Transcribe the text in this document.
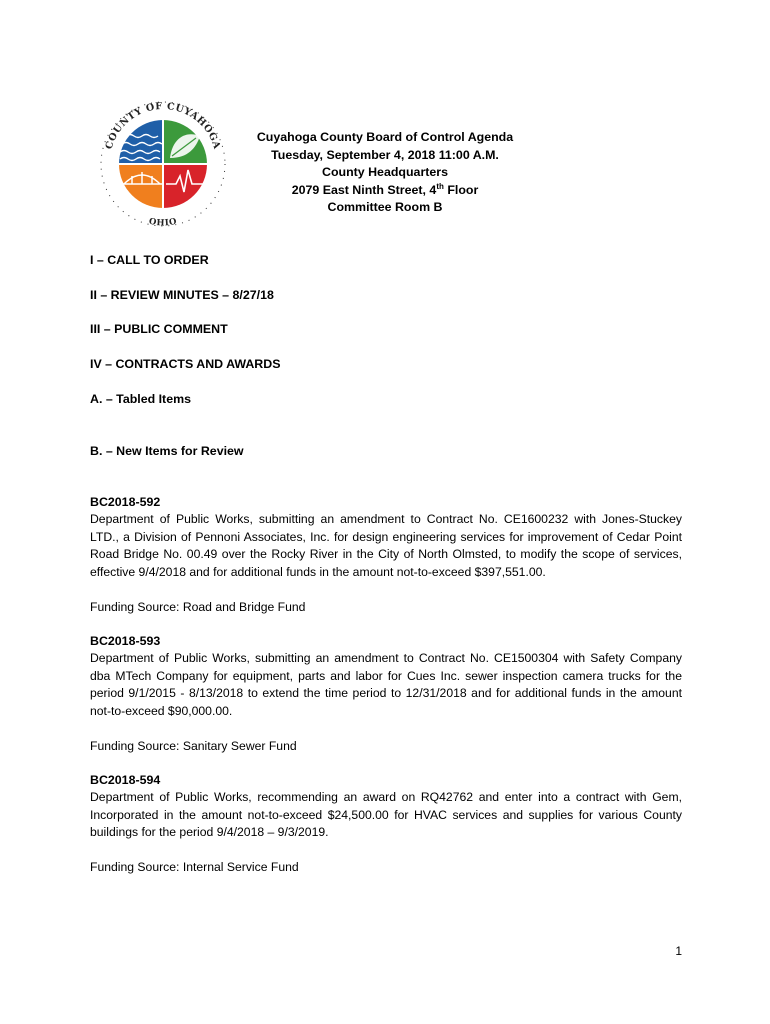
COUNTY OF CUYAHOGA
OHIO
Cuyahoga County Board of Control Agenda
Tuesday, September 4, 2018 11:00 A.M.
County Headquarters
2079 East Ninth Street, 4th Floor
Committee Room B
I – CALL TO ORDER
II – REVIEW MINUTES – 8/27/18
III – PUBLIC COMMENT
IV – CONTRACTS AND AWARDS
A. – Tabled Items
B. – New Items for Review
BC2018-592
Department of Public Works, submitting an amendment to Contract No. CE1600232 with Jones-Stuckey LTD., a Division of Pennoni Associates, Inc. for design engineering services for improvement of Cedar Point Road Bridge No. 00.49 over the Rocky River in the City of North Olmsted, to modify the scope of services, effective 9/4/2018 and for additional funds in the amount not-to-exceed $397,551.00.
Funding Source: Road and Bridge Fund
BC2018-593
Department of Public Works, submitting an amendment to Contract No. CE1500304 with Safety Company dba MTech Company for equipment, parts and labor for Cues Inc. sewer inspection camera trucks for the period 9/1/2015 - 8/13/2018 to extend the time period to 12/31/2018 and for additional funds in the amount not-to-exceed $90,000.00.
Funding Source: Sanitary Sewer Fund
BC2018-594
Department of Public Works, recommending an award on RQ42762 and enter into a contract with Gem, Incorporated in the amount not-to-exceed $24,500.00 for HVAC services and supplies for various County buildings for the period 9/4/2018 – 9/3/2019.
Funding Source: Internal Service Fund
1
